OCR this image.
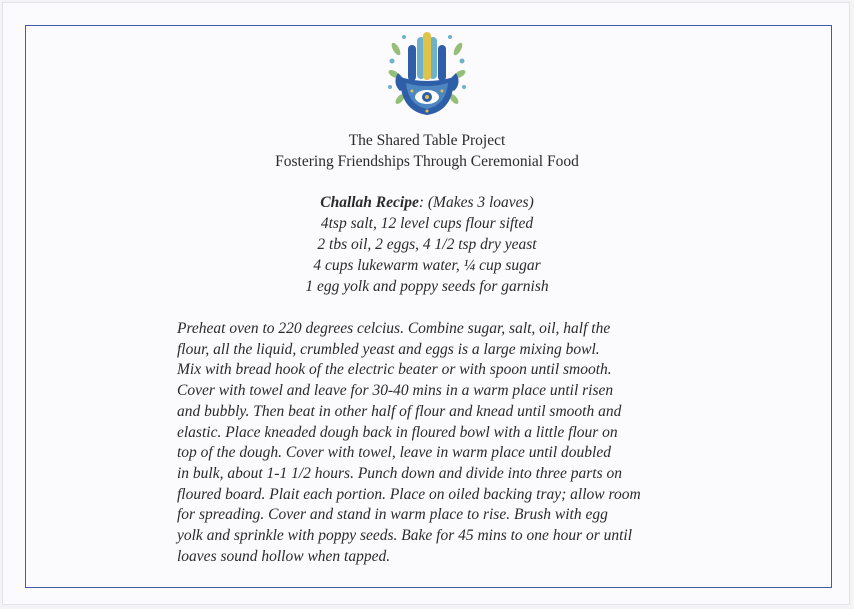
The Shared Table Project
Fostering Friendships Through Ceremonial Food
Challah Recipe: (Makes 3 loaves)
4tsp salt, 12 level cups flour sifted
2 tbs oil, 2 eggs, 4 1/2 tsp dry yeast
4 cups lukewarm water, ¼ cup sugar
1 egg yolk and poppy seeds for garnish
Preheat oven to 220 degrees celcius. Combine sugar, salt, oil, half the
flour, all the liquid, crumbled yeast and eggs is a large mixing bowl.
Mix with bread hook of the electric beater or with spoon until smooth.
Cover with towel and leave for 30-40 mins in a warm place until risen
and bubbly. Then beat in other half of flour and knead until smooth and
elastic. Place kneaded dough back in floured bowl with a little flour on
top of the dough. Cover with towel, leave in warm place until doubled
in bulk, about 1-1 1/2 hours. Punch down and divide into three parts on
floured board. Plait each portion. Place on oiled backing tray; allow room
for spreading. Cover and stand in warm place to rise. Brush with egg
yolk and sprinkle with poppy seeds. Bake for 45 mins to one hour or until
loaves sound hollow when tapped.
